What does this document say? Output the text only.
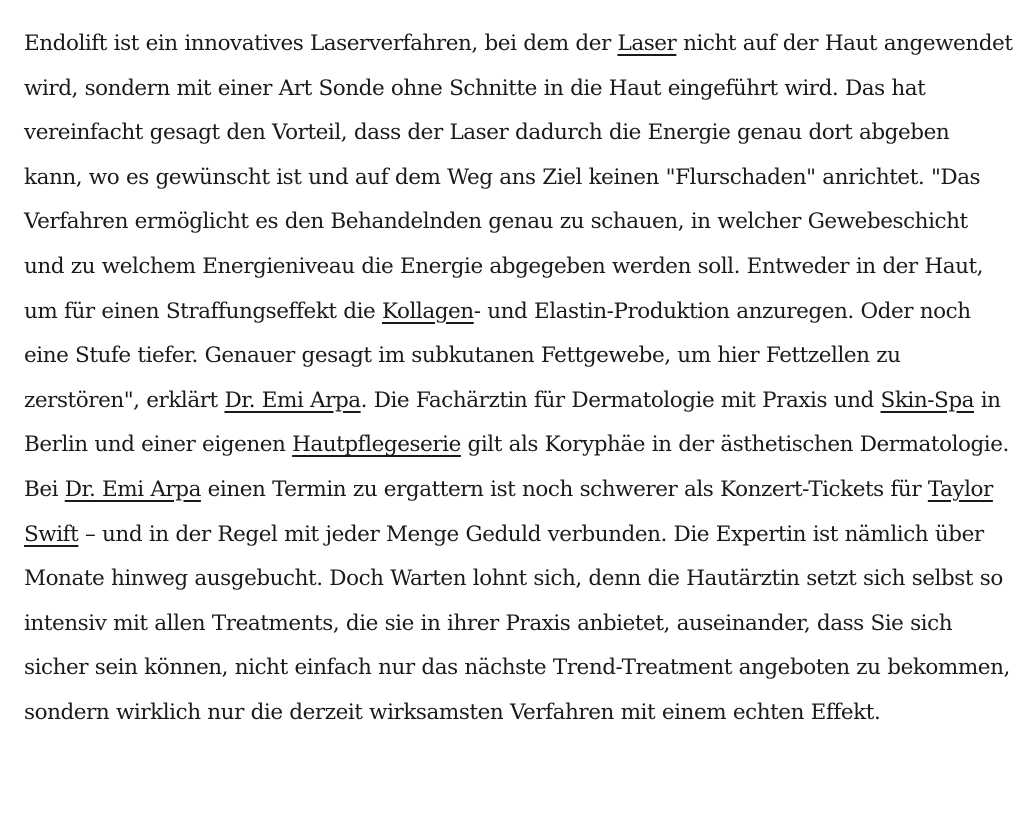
Endolift ist ein innovatives Laserverfahren, bei dem der Laser nicht auf der Haut angewendet wird, sondern mit einer Art Sonde ohne Schnitte in die Haut eingeführt wird. Das hat vereinfacht gesagt den Vorteil, dass der Laser dadurch die Energie genau dort abgeben kann, wo es gewünscht ist und auf dem Weg ans Ziel keinen "Flurschaden" anrichtet. "Das Verfahren ermöglicht es den Behandelnden genau zu schauen, in welcher Gewebeschicht und zu welchem Energieniveau die Energie abgegeben werden soll. Entweder in der Haut, um für einen Straffungseffekt die Kollagen- und Elastin-Produktion anzuregen. Oder noch eine Stufe tiefer. Genauer gesagt im subkutanen Fettgewebe, um hier Fettzellen zu zerstören", erklärt Dr. Emi Arpa. Die Fachärztin für Dermatologie mit Praxis und Skin-Spa in Berlin und einer eigenen Hautpflegeserie gilt als Koryphäe in der ästhetischen Dermatologie. Bei Dr. Emi Arpa einen Termin zu ergattern ist noch schwerer als Konzert-Tickets für Taylor Swift – und in der Regel mit jeder Menge Geduld verbunden. Die Expertin ist nämlich über Monate hinweg ausgebucht. Doch Warten lohnt sich, denn die Hautärztin setzt sich selbst so intensiv mit allen Treatments, die sie in ihrer Praxis anbietet, auseinander, dass Sie sich sicher sein können, nicht einfach nur das nächste Trend-Treatment angeboten zu bekommen, sondern wirklich nur die derzeit wirksamsten Verfahren mit einem echten Effekt.
